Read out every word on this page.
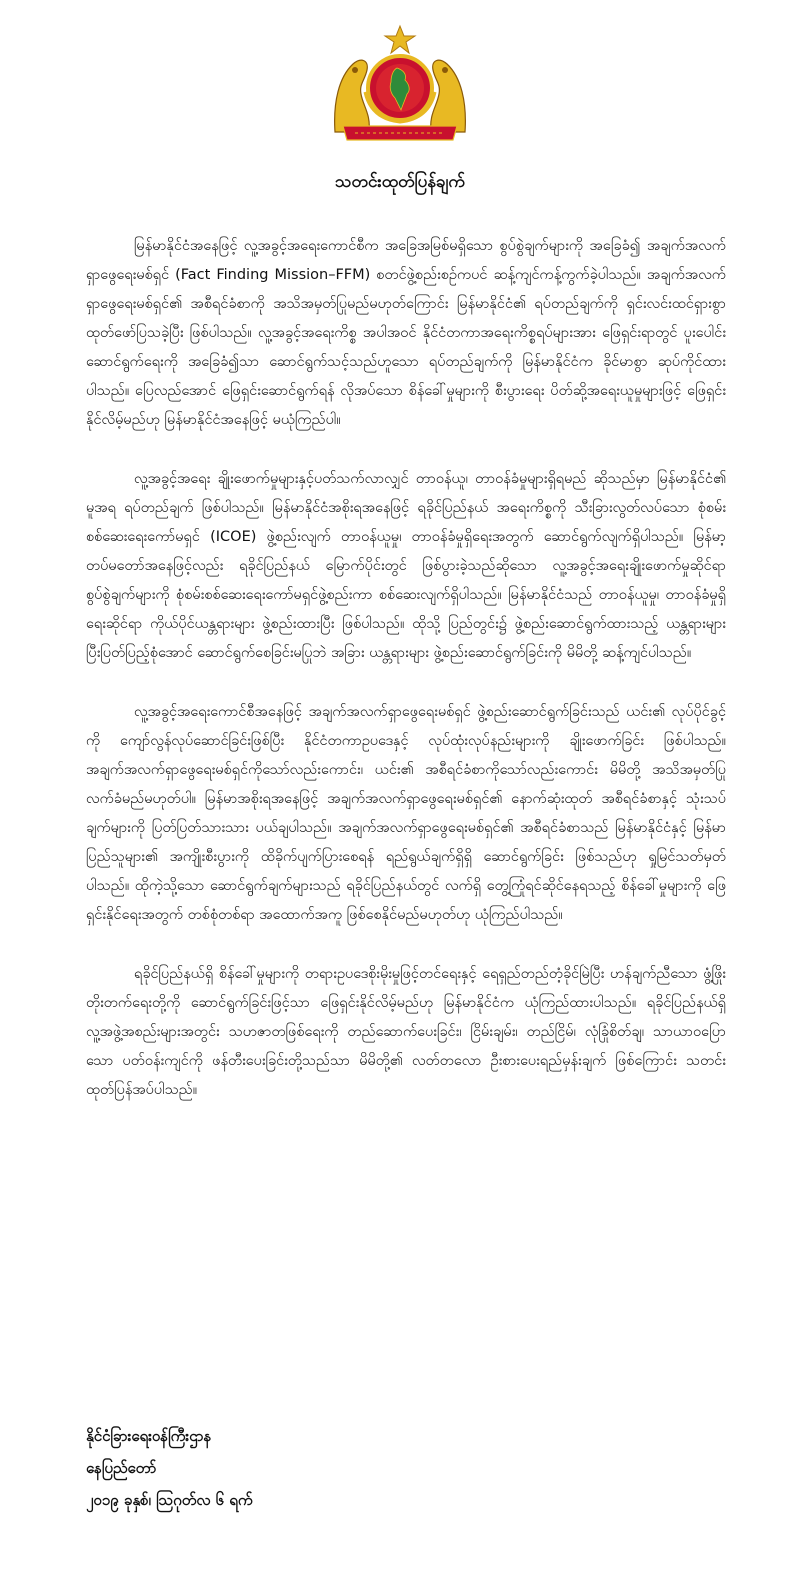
သတင်းထုတ်ပြန်ချက်

မြန်မာနိုင်ငံအနေဖြင့် လူ့အခွင့်အရေးကောင်စီက အခြေအမြစ်မရှိသော စွပ်စွဲချက်များကို အခြေခံ၍ အချက်အလက်ရှာဖွေရေးမစ်ရှင် (Fact Finding Mission–FFM) စတင်ဖွဲ့စည်းစဉ်ကပင် ဆန့်ကျင်ကန့်ကွက်ခဲ့ပါသည်။ အချက်အလက်ရှာဖွေရေးမစ်ရှင်၏ အစီရင်ခံစာကို အသိအမှတ်ပြုမည်မဟုတ်ကြောင်း မြန်မာနိုင်ငံ၏ ရပ်တည်ချက်ကို ရှင်းလင်းထင်ရှားစွာ ထုတ်ဖော်ပြသခဲ့ပြီး ဖြစ်ပါသည်။ လူ့အခွင့်အရေးကိစ္စ အပါအဝင် နိုင်ငံတကာအရေးကိစ္စရပ်များအား ဖြေရှင်းရာတွင် ပူးပေါင်းဆောင်ရွက်ရေးကို အခြေခံ၍သာ ဆောင်ရွက်သင့်သည်ဟူသော ရပ်တည်ချက်ကို မြန်မာနိုင်ငံက ခိုင်မာစွာ ဆုပ်ကိုင်ထားပါသည်။ ပြေလည်အောင် ဖြေရှင်းဆောင်ရွက်ရန် လိုအပ်သော စိန်ခေါ်မှုများကို စီးပွားရေး ပိတ်ဆို့အရေးယူမှုများဖြင့် ဖြေရှင်းနိုင်လိမ့်မည်ဟု မြန်မာနိုင်ငံအနေဖြင့် မယုံကြည်ပါ။

လူ့အခွင့်အရေး ချိုးဖောက်မှုများနှင့်ပတ်သက်လာလျှင် တာဝန်ယူ၊ တာဝန်ခံမှုများရှိရမည် ဆိုသည်မှာ မြန်မာနိုင်ငံ၏ မူအရ ရပ်တည်ချက် ဖြစ်ပါသည်။ မြန်မာနိုင်ငံအစိုးရအနေဖြင့် ရခိုင်ပြည်နယ် အရေးကိစ္စကို သီးခြားလွတ်လပ်သော စုံစမ်းစစ်ဆေးရေးကော်မရှင် (ICOE) ဖွဲ့စည်းလျက် တာဝန်ယူမှု၊ တာဝန်ခံမှုရှိရေးအတွက် ဆောင်ရွက်လျက်ရှိပါသည်။ မြန်မာ့တပ်မတော်အနေဖြင့်လည်း ရခိုင်ပြည်နယ် မြောက်ပိုင်းတွင် ဖြစ်ပွားခဲ့သည်ဆိုသော လူ့အခွင့်အရေးချိုးဖောက်မှုဆိုင်ရာ စွပ်စွဲချက်များကို စုံစမ်းစစ်ဆေးရေးကော်မရှင်ဖွဲ့စည်းကာ စစ်ဆေးလျက်ရှိပါသည်။ မြန်မာနိုင်ငံသည် တာဝန်ယူမှု၊ တာဝန်ခံမှုရှိရေးဆိုင်ရာ ကိုယ်ပိုင်ယန္တရားများ ဖွဲ့စည်းထားပြီး ဖြစ်ပါသည်။ ထိုသို့ ပြည်တွင်း၌ ဖွဲ့စည်းဆောင်ရွက်ထားသည့် ယန္တရားများ ပြီးပြတ်ပြည့်စုံအောင် ဆောင်ရွက်စေခြင်းမပြုဘဲ အခြား ယန္တရားများ ဖွဲ့စည်းဆောင်ရွက်ခြင်းကို မိမိတို့ ဆန့်ကျင်ပါသည်။

လူ့အခွင့်အရေးကောင်စီအနေဖြင့် အချက်အလက်ရှာဖွေရေးမစ်ရှင် ဖွဲ့စည်းဆောင်ရွက်ခြင်းသည် ယင်း၏ လုပ်ပိုင်ခွင့်ကို ကျော်လွန်လုပ်ဆောင်ခြင်းဖြစ်ပြီး နိုင်ငံတကာဥပဒေနှင့် လုပ်ထုံးလုပ်နည်းများကို ချိုးဖောက်ခြင်း ဖြစ်ပါသည်။ အချက်အလက်ရှာဖွေရေးမစ်ရှင်ကိုသော်လည်းကောင်း၊ ယင်း၏ အစီရင်ခံစာကိုသော်လည်းကောင်း မိမိတို့ အသိအမှတ်ပြု လက်ခံမည်မဟုတ်ပါ။ မြန်မာအစိုးရအနေဖြင့် အချက်အလက်ရှာဖွေရေးမစ်ရှင်၏ နောက်ဆုံးထုတ် အစီရင်ခံစာနှင့် သုံးသပ်ချက်များကို ပြတ်ပြတ်သားသား ပယ်ချပါသည်။ အချက်အလက်ရှာဖွေရေးမစ်ရှင်၏ အစီရင်ခံစာသည် မြန်မာနိုင်ငံနှင့် မြန်မာပြည်သူများ၏ အကျိုးစီးပွားကို ထိခိုက်ပျက်ပြားစေရန် ရည်ရွယ်ချက်ရှိရှိ ဆောင်ရွက်ခြင်း ဖြစ်သည်ဟု ရှုမြင်သတ်မှတ်ပါသည်။ ထိုကဲ့သို့သော ဆောင်ရွက်ချက်များသည် ရခိုင်ပြည်နယ်တွင် လက်ရှိ တွေ့ကြုံရင်ဆိုင်နေရသည့် စိန်ခေါ်မှုများကို ဖြေရှင်းနိုင်ရေးအတွက် တစ်စုံတစ်ရာ အထောက်အကူ ဖြစ်စေနိုင်မည်မဟုတ်ဟု ယုံကြည်ပါသည်။

ရခိုင်ပြည်နယ်ရှိ စိန်ခေါ်မှုများကို တရားဥပဒေစိုးမိုးမှုဖြင့်တင်ရေးနှင့် ရေရှည်တည်တံ့ခိုင်မြဲပြီး ဟန်ချက်ညီသော ဖွံ့ဖြိုးတိုးတက်ရေးတို့ကို ဆောင်ရွက်ခြင်းဖြင့်သာ ဖြေရှင်းနိုင်လိမ့်မည်ဟု မြန်မာနိုင်ငံက ယုံကြည်ထားပါသည်။ ရခိုင်ပြည်နယ်ရှိ လူ့အဖွဲ့အစည်းများအတွင်း သဟဇာတဖြစ်ရေးကို တည်ဆောက်ပေးခြင်း၊ ငြိမ်းချမ်း၊ တည်ငြိမ်၊ လုံခြုံစိတ်ချ၊ သာယာဝပြောသော ပတ်ဝန်းကျင်ကို ဖန်တီးပေးခြင်းတို့သည်သာ မိမိတို့၏ လတ်တလော ဦးစားပေးရည်မှန်းချက် ဖြစ်ကြောင်း သတင်း ထုတ်ပြန်အပ်ပါသည်။

နိုင်ငံခြားရေးဝန်ကြီးဌာန
နေပြည်တော်
၂၀၁၉ ခုနှစ်၊ ဩဂုတ်လ ၆ ရက်
